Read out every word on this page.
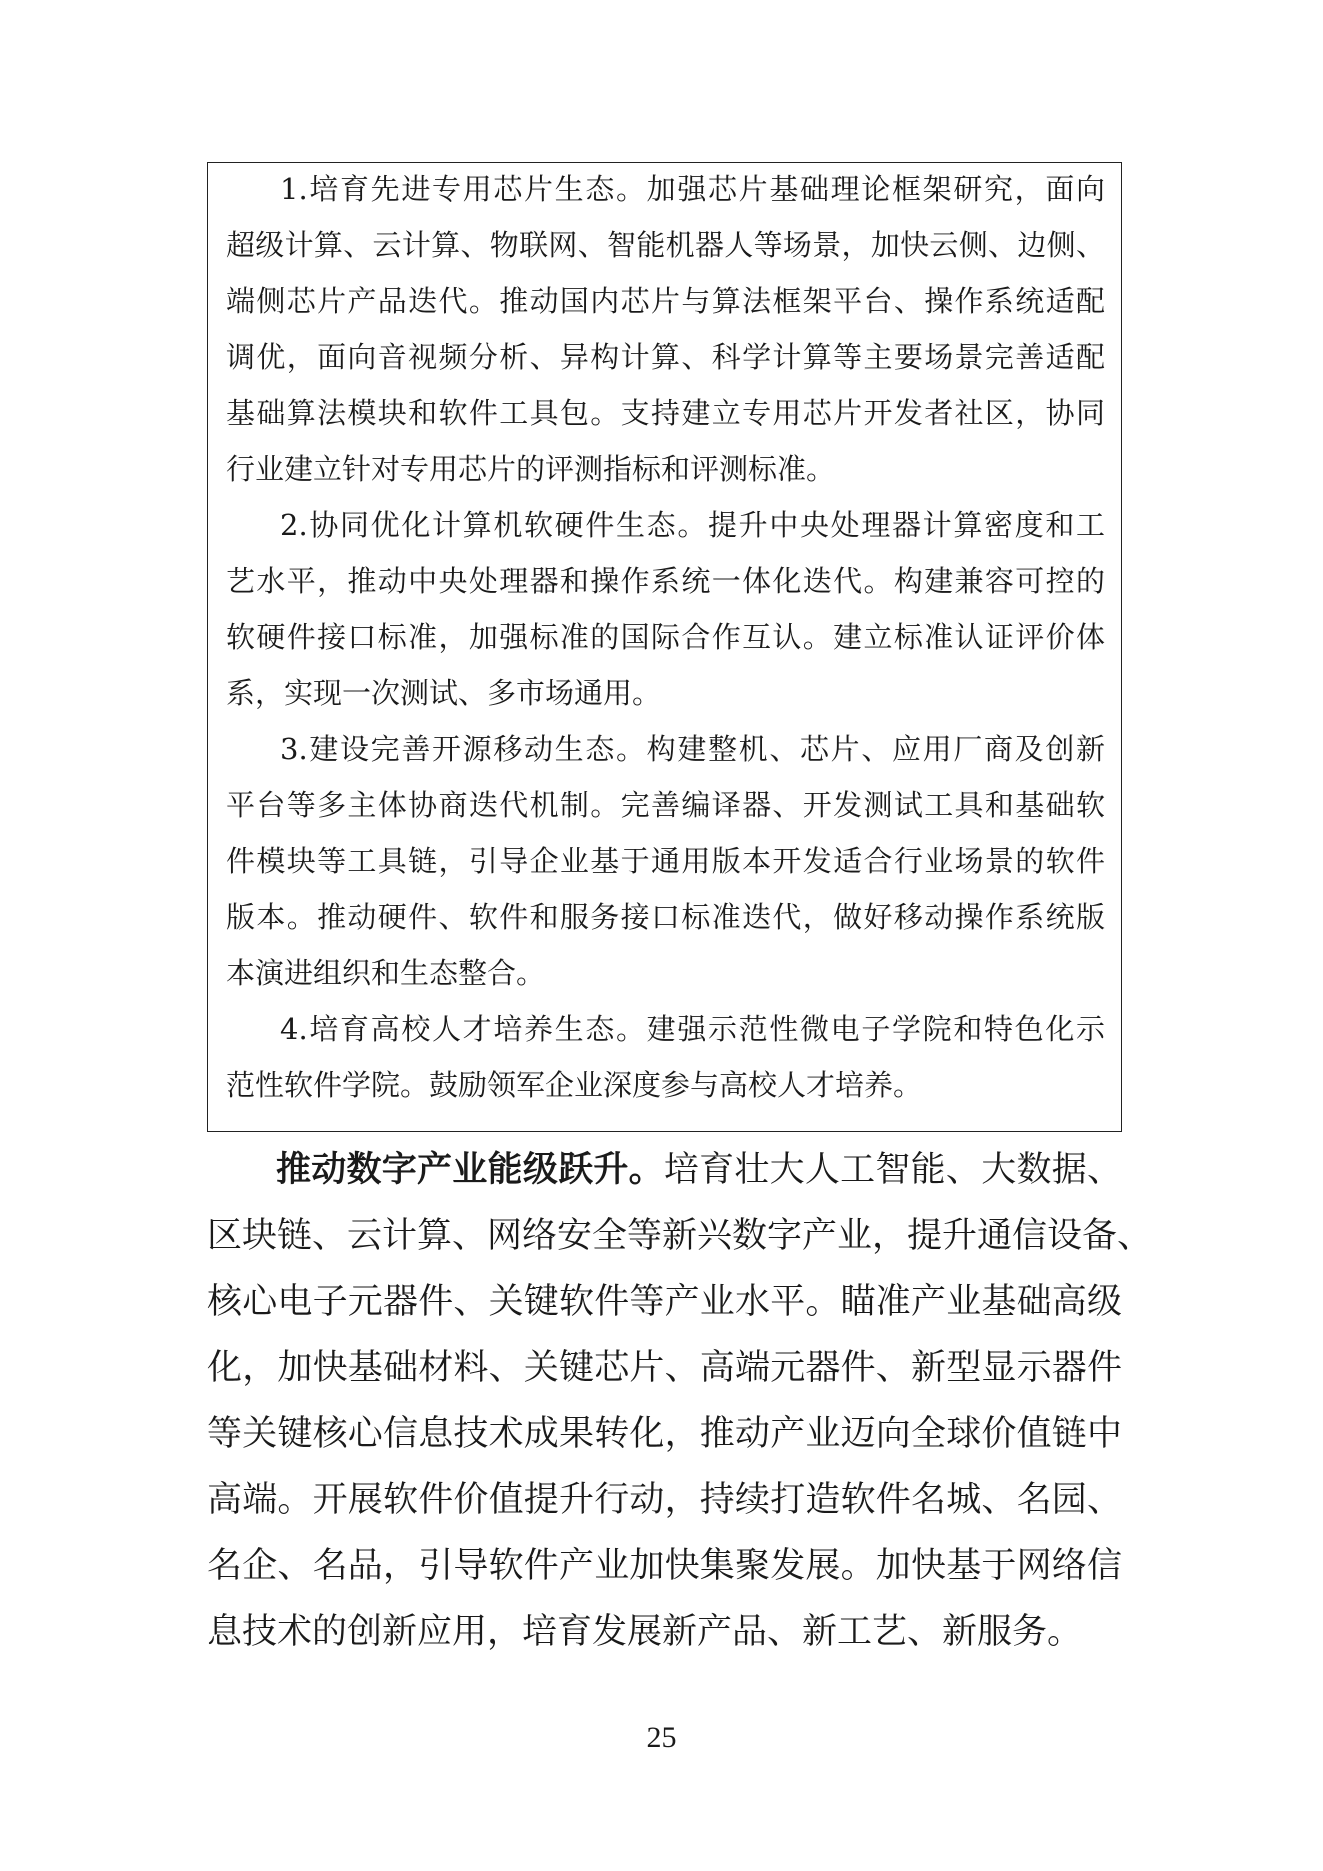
1.培育先进专用芯片生态。加强芯片基础理论框架研究，面向
超级计算、云计算、物联网、智能机器人等场景，加快云侧、边侧、
端侧芯片产品迭代。推动国内芯片与算法框架平台、操作系统适配
调优，面向音视频分析、异构计算、科学计算等主要场景完善适配
基础算法模块和软件工具包。支持建立专用芯片开发者社区，协同
行业建立针对专用芯片的评测指标和评测标准。
2.协同优化计算机软硬件生态。提升中央处理器计算密度和工
艺水平，推动中央处理器和操作系统一体化迭代。构建兼容可控的
软硬件接口标准，加强标准的国际合作互认。建立标准认证评价体
系，实现一次测试、多市场通用。
3.建设完善开源移动生态。构建整机、芯片、应用厂商及创新
平台等多主体协商迭代机制。完善编译器、开发测试工具和基础软
件模块等工具链，引导企业基于通用版本开发适合行业场景的软件
版本。推动硬件、软件和服务接口标准迭代，做好移动操作系统版
本演进组织和生态整合。
4.培育高校人才培养生态。建强示范性微电子学院和特色化示
范性软件学院。鼓励领军企业深度参与高校人才培养。
推动数字产业能级跃升。培育壮大人工智能、大数据、
区块链、云计算、网络安全等新兴数字产业，提升通信设备、
核心电子元器件、关键软件等产业水平。瞄准产业基础高级
化，加快基础材料、关键芯片、高端元器件、新型显示器件
等关键核心信息技术成果转化，推动产业迈向全球价值链中
高端。开展软件价值提升行动，持续打造软件名城、名园、
名企、名品，引导软件产业加快集聚发展。加快基于网络信
息技术的创新应用，培育发展新产品、新工艺、新服务。
25
